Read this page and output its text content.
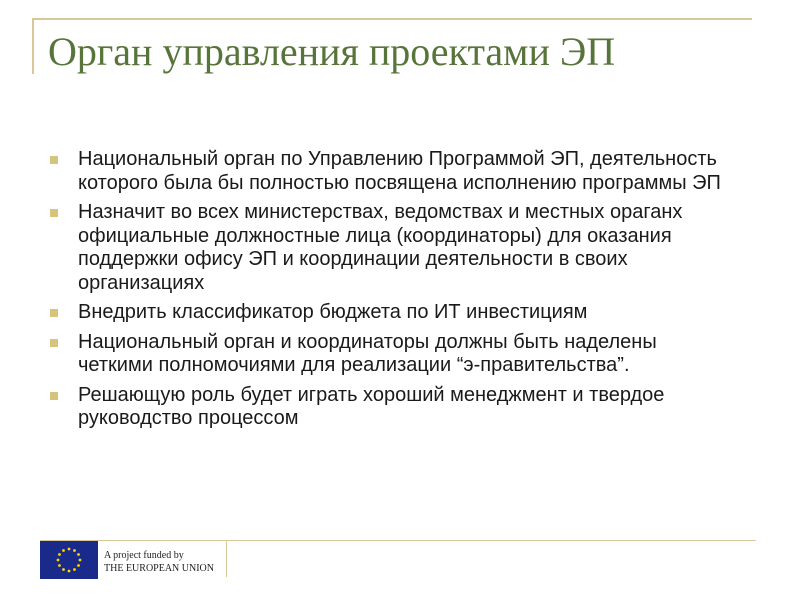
Орган управления проектами ЭП
Национальный орган по Управлению Программой ЭП, деятельность которого была бы полностью посвящена исполнению программы ЭП
Назначит во всех министерствах, ведомствах и местных ораганх официальные должностные лица (координаторы) для оказания поддержки офису ЭП и координации деятельности в своих организациях
Внедрить классификатор бюджета по ИТ инвестициям
Национальный орган и координаторы должны быть наделены четкими полномочиями для реализации “э-правительства”.
Решающую роль будет играть хороший менеджмент и твердое руководство процессом
A project funded by
THE EUROPEAN UNION
